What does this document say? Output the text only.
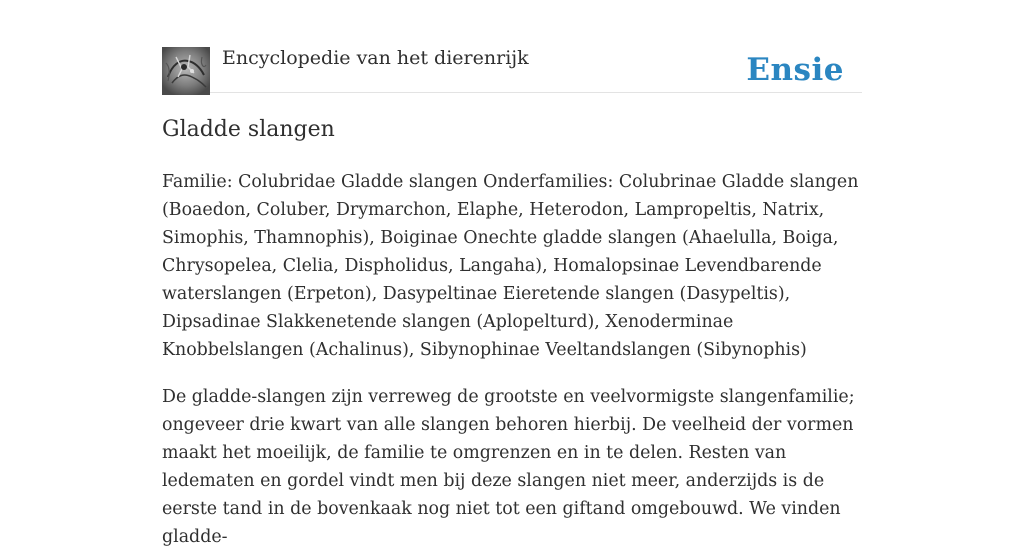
Encyclopedie van het dierenrijk	Ensie
Gladde slangen

Familie: Colubridae Gladde slangen Onderfamilies: Colubrinae Gladde slangen (Boaedon, Coluber, Drymarchon, Elaphe, Heterodon, Lampropeltis, Natrix, Simophis, Thamnophis), Boiginae Onechte gladde slangen (Ahaelulla, Boiga, Chrysopelea, Clelia, Dispholidus, Langaha), Homalopsinae Levendbarende waterslangen (Erpeton), Dasypeltinae Eieretende slangen (Dasypeltis), Dipsadinae Slakkenetende slangen (Aplopelturd), Xenoderminae Knobbelslangen (Achalinus), Sibynophinae Veeltandslangen (Sibynophis)

De gladde-slangen zijn verreweg de grootste en veelvormigste slangenfamilie; ongeveer drie kwart van alle slangen behoren hierbij. De veelheid der vormen maakt het moeilijk, de familie te omgrenzen en in te delen. Resten van ledematen en gordel vindt men bij deze slangen niet meer, anderzijds is de eerste tand in de bovenkaak nog niet tot een giftand omgebouwd. We vinden gladde-
